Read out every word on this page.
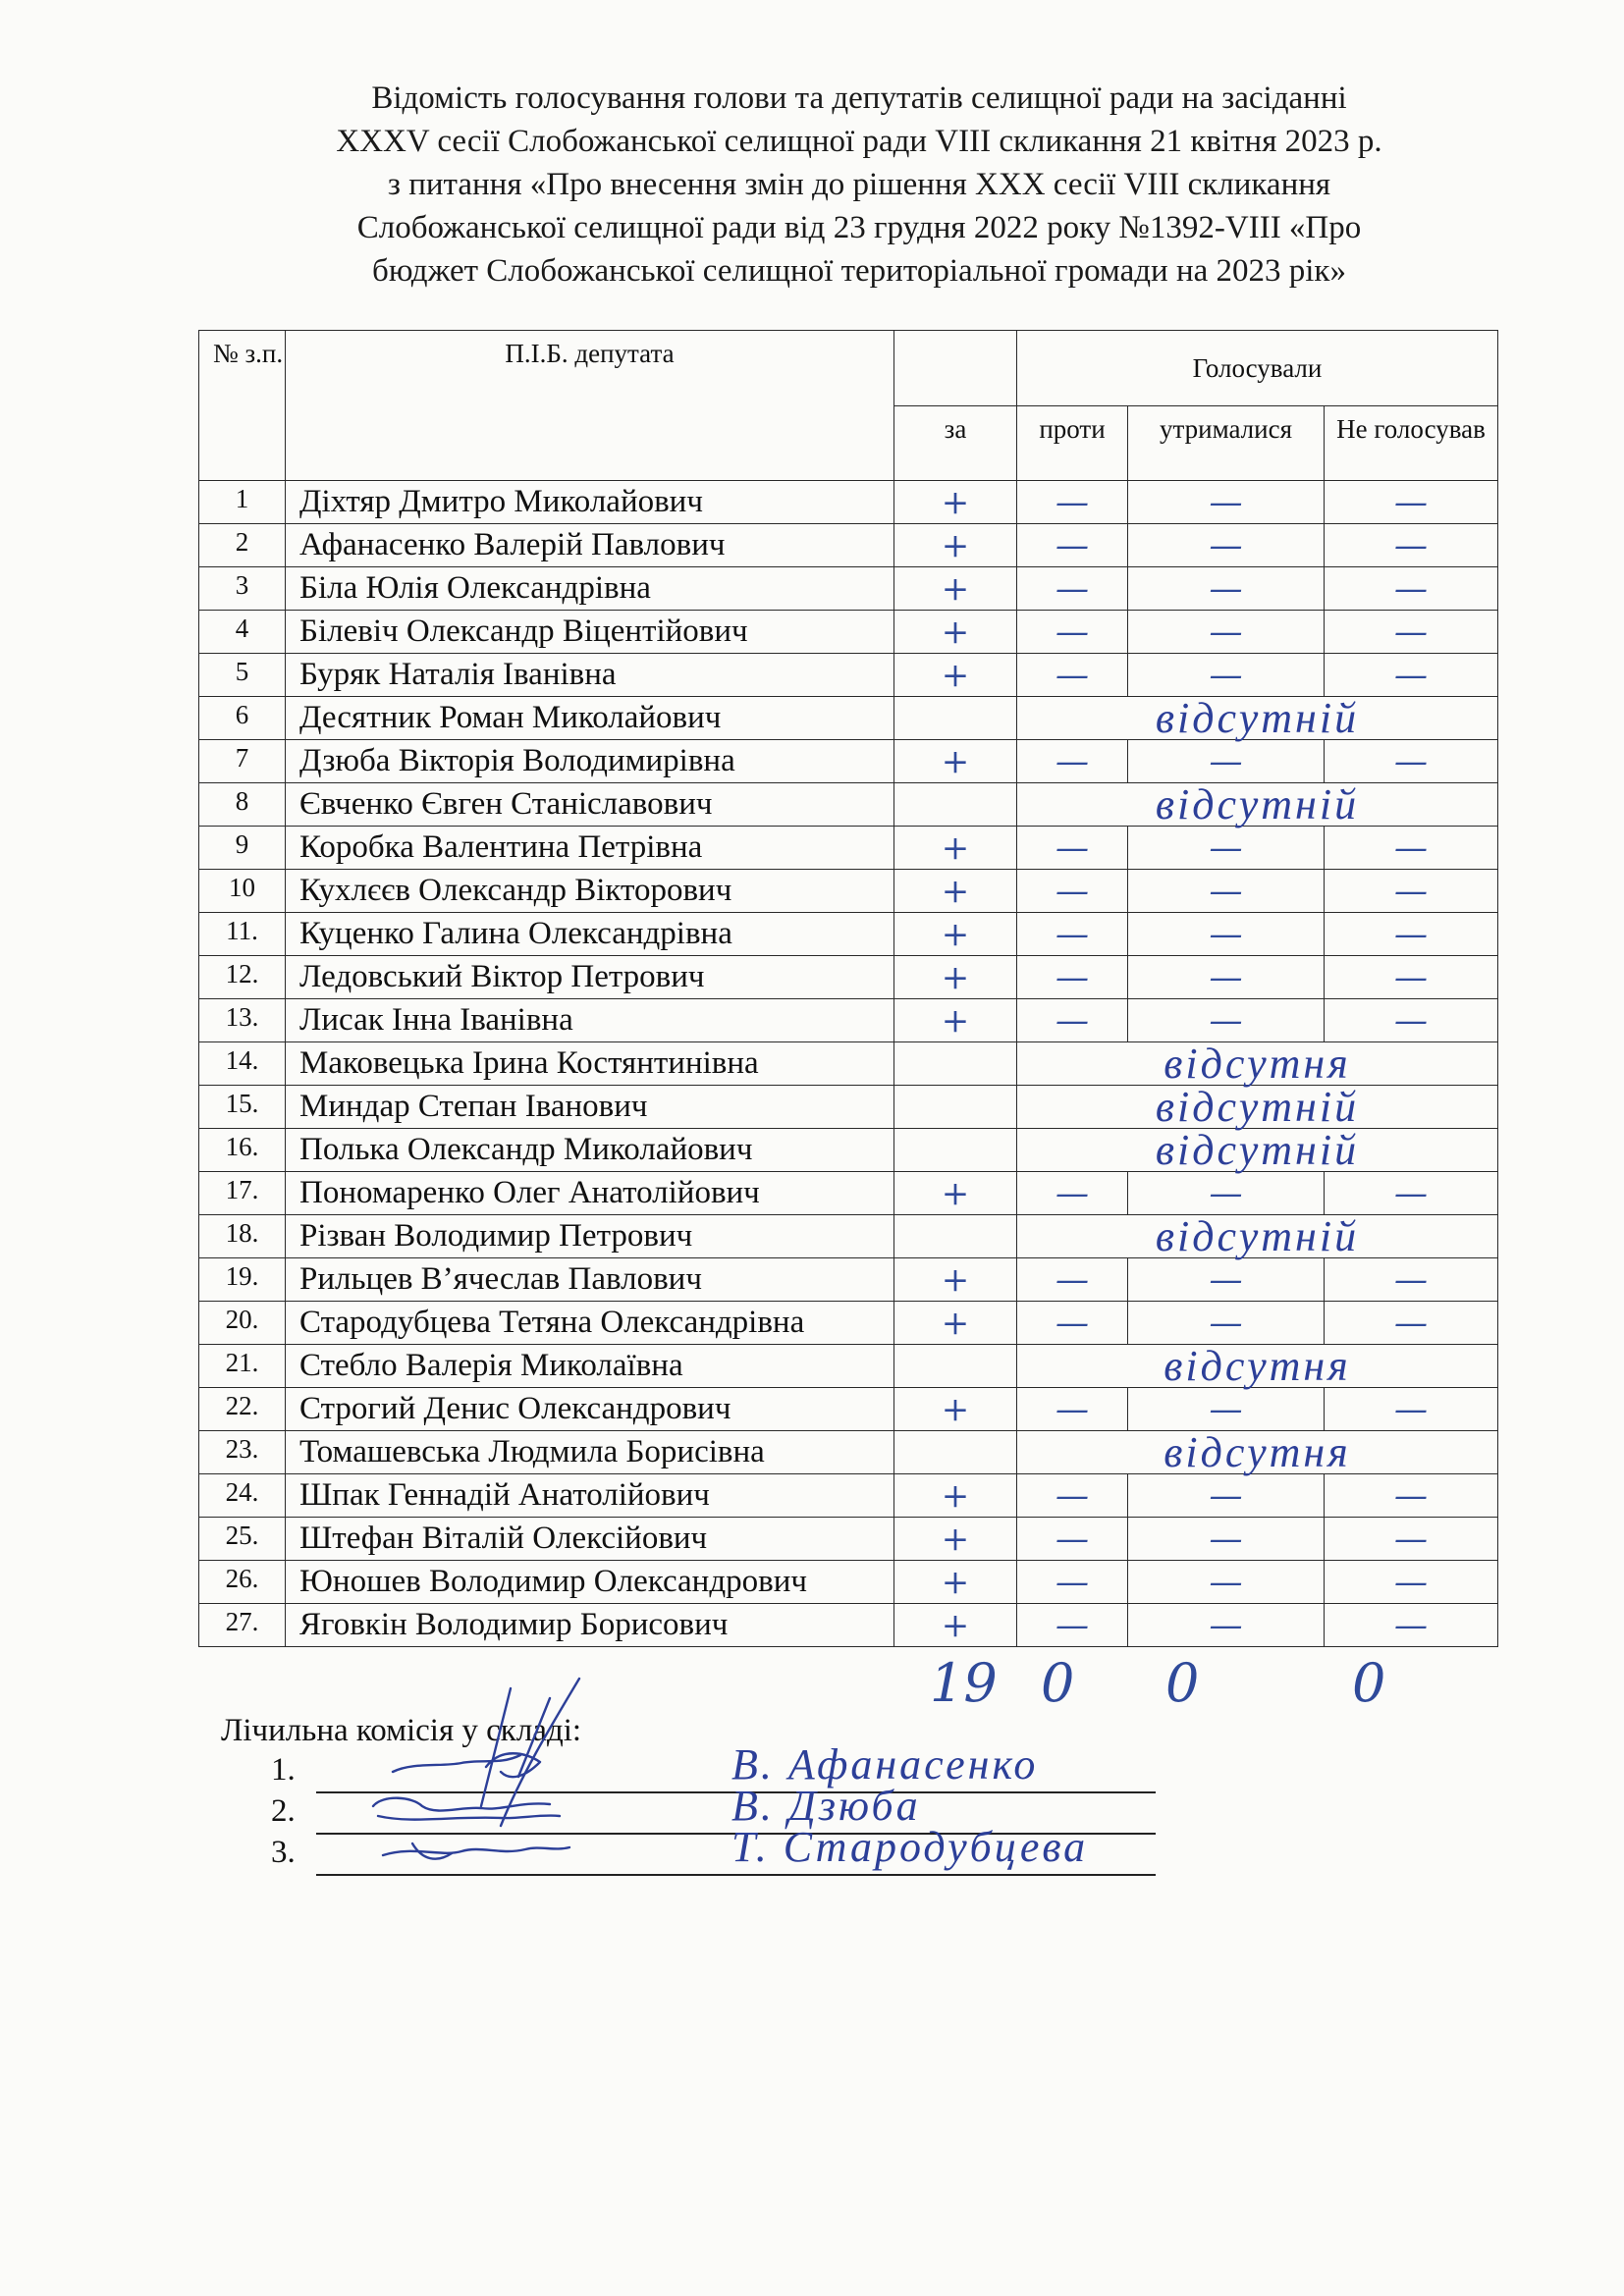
Відомість голосування голови та депутатів селищної ради на засіданні
XXXV сесії Слобожанської селищної ради VIII скликання 21 квітня 2023 р.
з питання «Про внесення змін до рішення XXX сесії VIII скликання
Слобожанської селищної ради від 23 грудня 2022 року №1392-VIII «Про
бюджет Слобожанської селищної територіальної громади на 2023 рік»
№ з.п.	П.І.Б. депутата		Голосували		
		за	проти	утрималися	Не голосував
1	Діхтяр Дмитро Миколайович	+	—	—	—
2	Афанасенко Валерій Павлович	+	—	—	—
3	Біла Юлія Олександрівна	+	—	—	—
4	Білевіч Олександр Віцентійович	+	—	—	—
5	Буряк Наталія Іванівна	+	—	—	—
6	Десятник Роман Миколайович		відсутній		
7	Дзюба Вікторія Володимирівна	+	—	—	—
8	Євченко Євген Станіславович		відсутній		
9	Коробка Валентина Петрівна	+	—	—	—
10	Кухлєєв Олександр Вікторович	+	—	—	—
11.	Куценко Галина Олександрівна	+	—	—	—
12.	Ледовський Віктор Петрович	+	—	—	—
13.	Лисак Інна Іванівна	+	—	—	—
14.	Маковецька Ірина Костянтинівна		відсутня		
15.	Миндар Степан Іванович		відсутній		
16.	Полька Олександр Миколайович		відсутній		
17.	Пономаренко Олег Анатолійович	+	—	—	—
18.	Різван Володимир Петрович		відсутній		
19.	Рильцев В’ячеслав Павлович	+	—	—	—
20.	Стародубцева Тетяна Олександрівна	+	—	—	—
21.	Стебло Валерія Миколаївна		відсутня		
22.	Строгий Денис Олександрович	+	—	—	—
23.	Томашевська Людмила Борисівна		відсутня		
24.	Шпак Геннадій Анатолійович	+	—	—	—
25.	Штефан Віталій Олексійович	+	—	—	—
26.	Юношев Володимир Олександрович	+	—	—	—
27.	Яговкін Володимир Борисович	+	—	—	—
19 0 0	0
Лічильна комісія у складі:
1.	В. Афанасенко
2.	В. Дзюба
3.	Т. Стародубцева
